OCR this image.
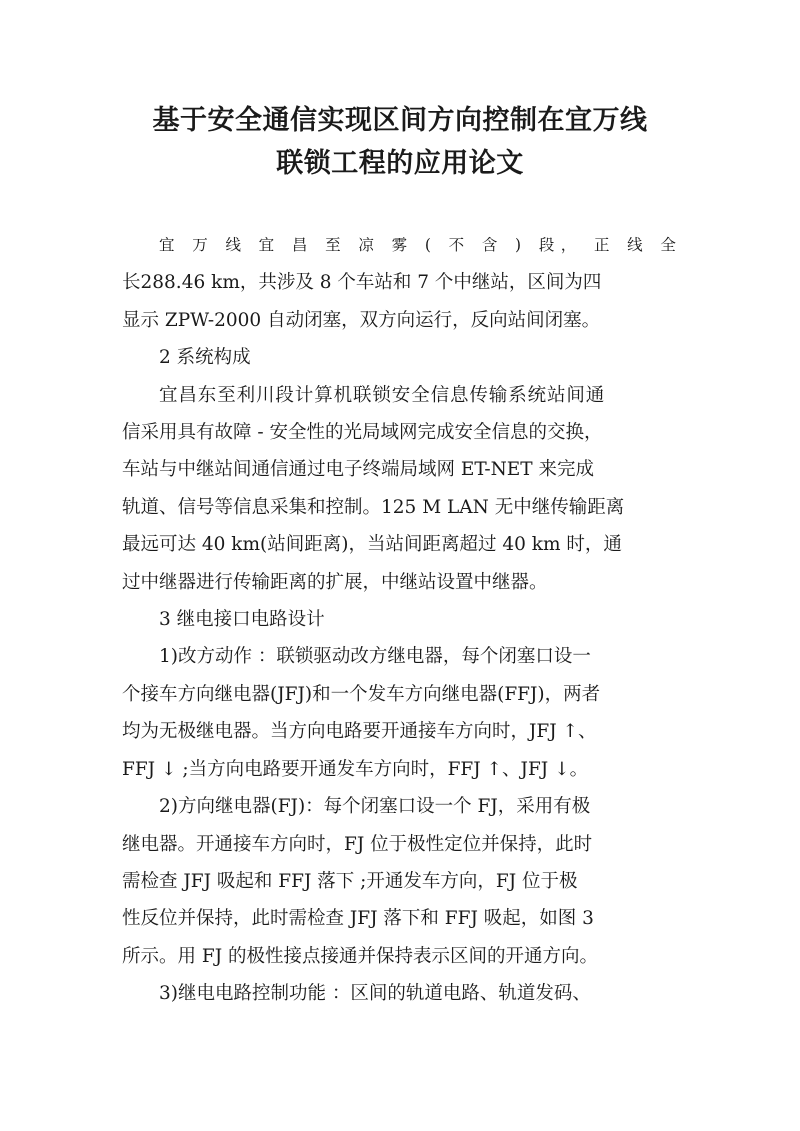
基于安全通信实现区间方向控制在宜万线
联锁工程的应用论文
宜 万 线 宜 昌 至 凉 雾 ( 不 含 ) 段， 正 线 全
长288.46 km，共涉及 8 个车站和 7 个中继站，区间为四
显示 ZPW-2000 自动闭塞，双方向运行，反向站间闭塞。
2 系统构成
宜昌东至利川段计算机联锁安全信息传输系统站间通
信采用具有故障 - 安全性的光局域网完成安全信息的交换，
车站与中继站间通信通过电子终端局域网 ET-NET 来完成
轨道、信号等信息采集和控制。125 M LAN 无中继传输距离
最远可达 40 km(站间距离)，当站间距离超过 40 km 时，通
过中继器进行传输距离的扩展，中继站设置中继器。
3 继电接口电路设计
1)改方动作 ：联锁驱动改方继电器，每个闭塞口设一
个接车方向继电器(JFJ)和一个发车方向继电器(FFJ)，两者
均为无极继电器。当方向电路要开通接车方向时，JFJ ↑、
FFJ ↓ ;当方向电路要开通发车方向时，FFJ ↑、JFJ ↓。
2)方向继电器(FJ)：每个闭塞口设一个 FJ，采用有极
继电器。开通接车方向时，FJ 位于极性定位并保持，此时
需检查 JFJ 吸起和 FFJ 落下 ;开通发车方向，FJ 位于极
性反位并保持，此时需检查 JFJ 落下和 FFJ 吸起，如图 3
所示。用 FJ 的极性接点接通并保持表示区间的开通方向。
3)继电电路控制功能 ：区间的轨道电路、轨道发码、
